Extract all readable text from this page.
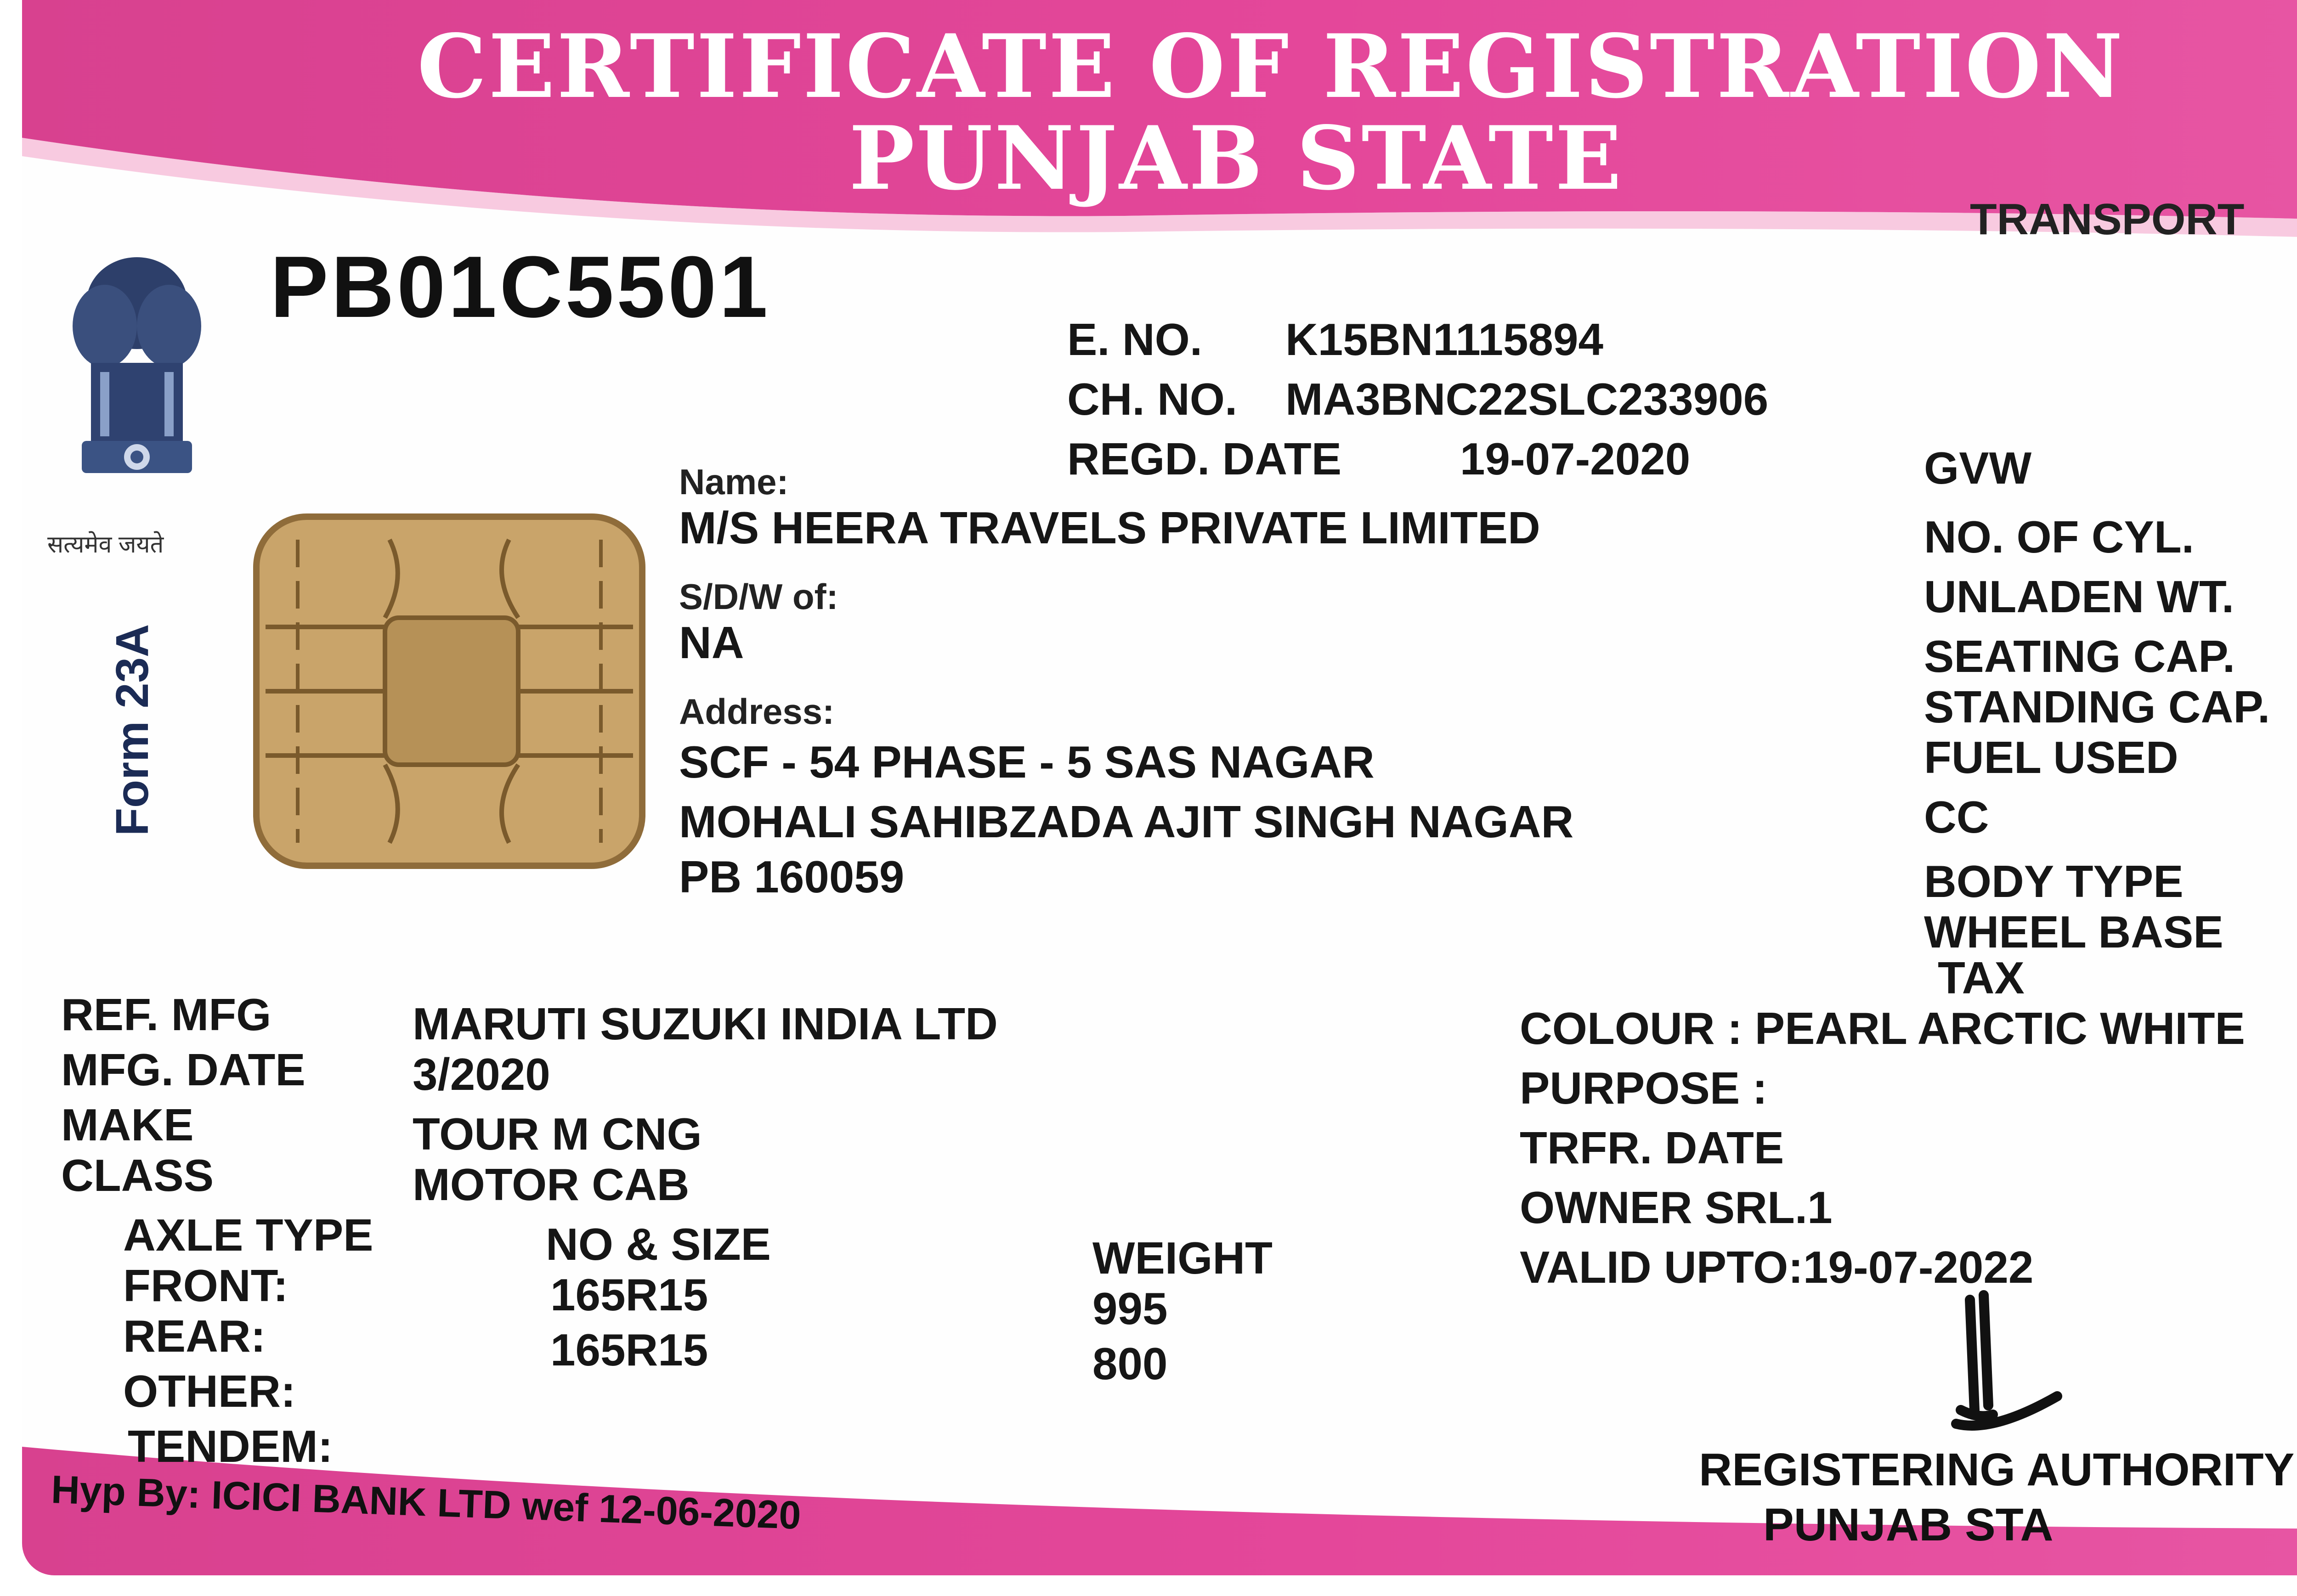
CERTIFICATE OF REGISTRATION
PUNJAB STATE
TRANSPORT
सत्यमेव जयते
Form 23A
PB01C5501
E. NO. K15BN1115894
CH. NO. MA3BNC22SLC233906
REGD. DATE	19-07-2020
Name:
M/S HEERA TRAVELS PRIVATE LIMITED
S/D/W of:
NA
Address:
SCF - 54 PHASE - 5 SAS NAGAR
MOHALI SAHIBZADA AJIT SINGH NAGAR
PB 160059
GVW
NO. OF CYL.
UNLADEN WT.
SEATING CAP.
STANDING CAP.
FUEL USED
CC
BODY TYPE
WHEEL BASE
TAX
REF. MFG	MARUTI SUZUKI INDIA LTD
MFG. DATE 3/2020
MAKE	TOUR M CNG
CLASS	MOTOR CAB
AXLE TYPE	NO & SIZE	WEIGHT
FRONT:	165R15	995
REAR:	165R15	800
OTHER:
TENDEM:
COLOUR : PEARL ARCTIC WHITE
PURPOSE :
TRFR. DATE
OWNER SRL.1
VALID UPTO:19-07-2022
Hyp By: ICICI BANK LTD wef 12-06-2020	REGISTERING AUTHORITY
PUNJAB STA
